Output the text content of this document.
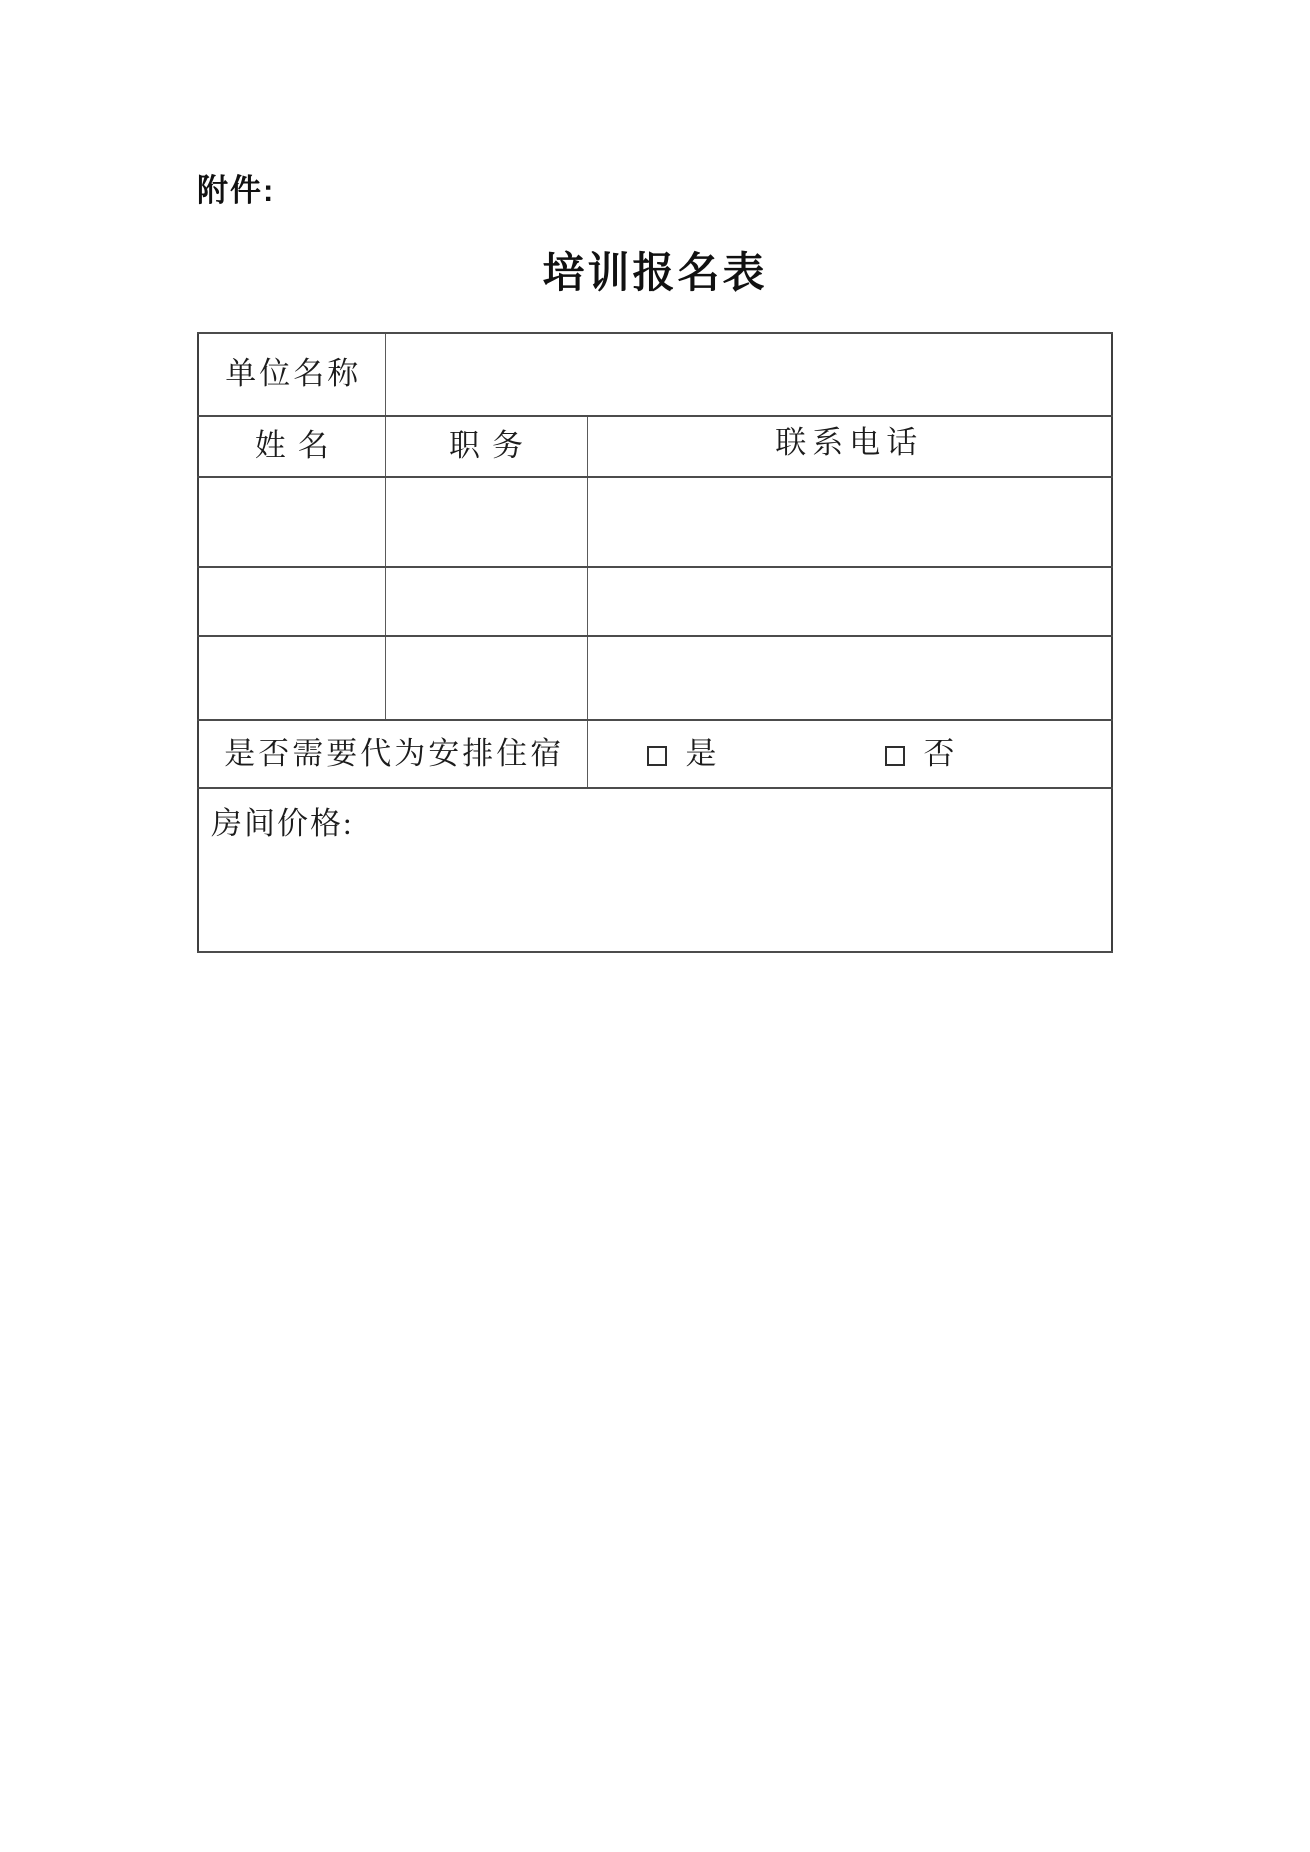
附件:
培训报名表
单位名称		
姓名	职务	联系电话

是否需要代为安排住宿		是 否

房间价格:		
